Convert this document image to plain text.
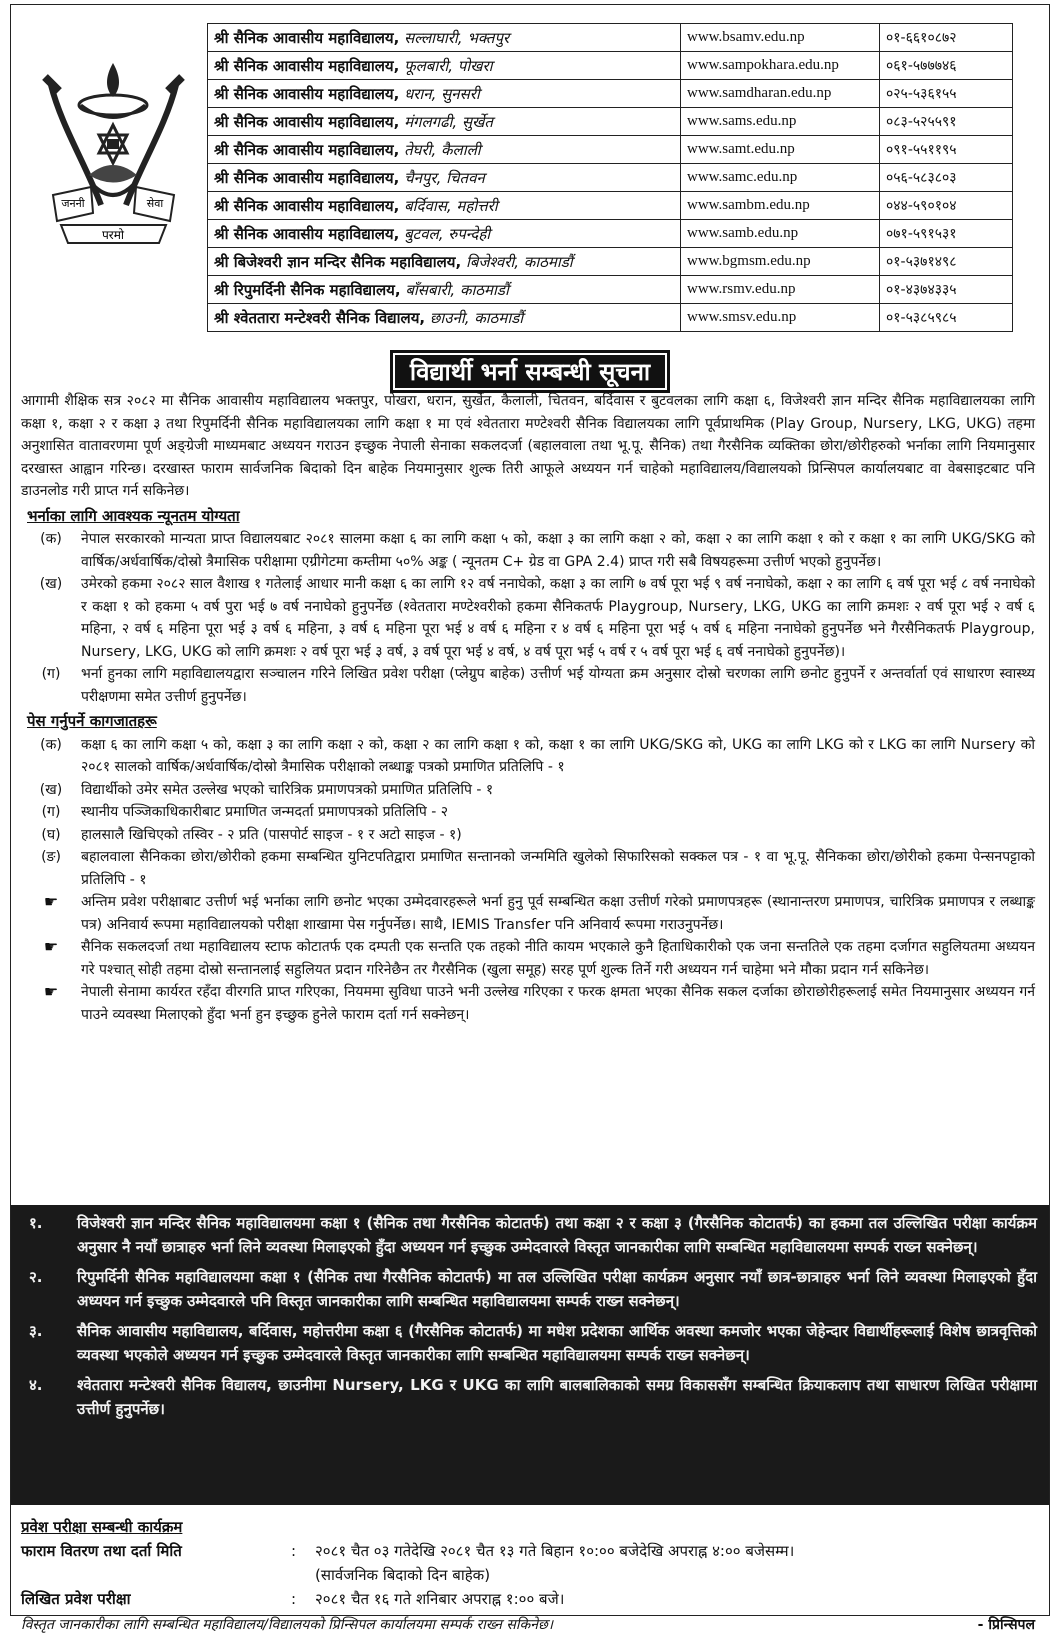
जननी	सेवा
परमो
श्री सैनिक आवासीय महाविद्यालय, सल्लाघारी, भक्तपुर	www.bsamv.edu.np	०१-६६१०८७२
श्री सैनिक आवासीय महाविद्यालय, फूलबारी, पोखरा	www.sampokhara.edu.np	०६१-५७७७४६
श्री सैनिक आवासीय महाविद्यालय, धरान, सुनसरी	www.samdharan.edu.np	०२५-५३६१५५
श्री सैनिक आवासीय महाविद्यालय, मंगलगढी, सुर्खेत	www.sams.edu.np	०८३-५२५५९१
श्री सैनिक आवासीय महाविद्यालय, तेघरी, कैलाली	www.samt.edu.np	०९१-५५११९५
श्री सैनिक आवासीय महाविद्यालय, चैनपुर, चितवन	www.samc.edu.np	०५६-५८३८०३
श्री सैनिक आवासीय महाविद्यालय, बर्दिवास, महोत्तरी	www.sambm.edu.np	०४४-५९०१०४
श्री सैनिक आवासीय महाविद्यालय, बुटवल, रुपन्देही	www.samb.edu.np	०७१-५९१५३१
श्री बिजेश्वरी ज्ञान मन्दिर सैनिक महाविद्यालय, बिजेश्वरी, काठमाडौं	www.bgmsm.edu.np	०१-५३७१४९८
श्री रिपुमर्दिनी सैनिक महाविद्यालय, बाँसबारी, काठमाडौं	www.rsmv.edu.np	०१-४३७४३३५
श्री श्वेततारा मन्टेश्वरी सैनिक विद्यालय, छाउनी, काठमाडौं	www.smsv.edu.np	०१-५३८५९८५
विद्यार्थी भर्ना सम्बन्धी सूचना

आगामी शैक्षिक सत्र २०८२ मा सैनिक आवासीय महाविद्यालय भक्तपुर, पोखरा, धरान, सुर्खेत, कैलाली, चितवन, बर्दिवास र बुटवलका लागि कक्षा ६, विजेश्वरी ज्ञान मन्दिर सैनिक महाविद्यालयका लागि कक्षा १, कक्षा २ र कक्षा ३ तथा रिपुमर्दिनी सैनिक महाविद्यालयका लागि कक्षा १ मा एवं श्वेततारा मण्टेश्वरी सैनिक विद्यालयका लागि पूर्वप्राथमिक (Play Group, Nursery, LKG, UKG) तहमा अनुशासित वातावरणमा पूर्ण अङ्ग्रेजी माध्यमबाट अध्ययन गराउन इच्छुक नेपाली सेनाका सकलदर्जा (बहालवाला तथा भू.पू. सैनिक) तथा गैरसैनिक व्यक्तिका छोरा/छोरीहरुको भर्नाका लागि नियमानुसार दरखास्त आह्वान गरिन्छ। दरखास्त फाराम सार्वजनिक बिदाको दिन बाहेक नियमानुसार शुल्क तिरी आफूले अध्ययन गर्न चाहेको महाविद्यालय/विद्यालयको प्रिन्सिपल कार्यालयबाट वा वेबसाइटबाट पनि डाउनलोड गरी प्राप्त गर्न सकिनेछ।

भर्नाका लागि आवश्यक न्यूनतम योग्यता
(क)	नेपाल सरकारको मान्यता प्राप्त विद्यालयबाट २०८१ सालमा कक्षा ६ का लागि कक्षा ५ को, कक्षा ३ का लागि कक्षा २ को, कक्षा २ का लागि कक्षा १ को र कक्षा १ का लागि UKG/SKG को वार्षिक/अर्धवार्षिक/दोस्रो त्रैमासिक परीक्षामा एग्रीगेटमा कम्तीमा ५०% अङ्क ( न्यूनतम C+ ग्रेड वा GPA 2.4) प्राप्त गरी सबै विषयहरूमा उत्तीर्ण भएको हुनुपर्नेछ।
(ख)	उमेरको हकमा २०८२ साल वैशाख १ गतेलाई आधार मानी कक्षा ६ का लागि १२ वर्ष ननाघेको, कक्षा ३ का लागि ७ वर्ष पूरा भई ९ वर्ष ननाघेको, कक्षा २ का लागि ६ वर्ष पूरा भई ८ वर्ष ननाघेको र कक्षा १ को हकमा ५ वर्ष पुरा भई ७ वर्ष ननाघेको हुनुपर्नेछ (श्वेततारा मण्टेश्वरीको हकमा सैनिकतर्फ Playgroup, Nursery, LKG, UKG का लागि क्रमशः २ वर्ष पूरा भई २ वर्ष ६ महिना, २ वर्ष ६ महिना पूरा भई ३ वर्ष ६ महिना, ३ वर्ष ६ महिना पूरा भई ४ वर्ष ६ महिना र ४ वर्ष ६ महिना पूरा भई ५ वर्ष ६ महिना ननाघेको हुनुपर्नेछ भने गैरसैनिकतर्फ Playgroup, Nursery, LKG, UKG को लागि क्रमशः २ वर्ष पूरा भई ३ वर्ष, ३ वर्ष पूरा भई ४ वर्ष, ४ वर्ष पूरा भई ५ वर्ष र ५ वर्ष पूरा भई ६ वर्ष ननाघेको हुनुपर्नेछ)।
(ग)	भर्ना हुनका लागि महाविद्यालयद्वारा सञ्चालन गरिने लिखित प्रवेश परीक्षा (प्लेग्रुप बाहेक) उत्तीर्ण भई योग्यता क्रम अनुसार दोस्रो चरणका लागि छनोट हुनुपर्ने र अन्तर्वार्ता एवं साधारण स्वास्थ्य परीक्षणमा समेत उत्तीर्ण हुनुपर्नेछ।
पेस गर्नुपर्ने कागजातहरू
(क)	कक्षा ६ का लागि कक्षा ५ को, कक्षा ३ का लागि कक्षा २ को, कक्षा २ का लागि कक्षा १ को, कक्षा १ का लागि UKG/SKG को, UKG का लागि LKG को र LKG का लागि Nursery को २०८१ सालको वार्षिक/अर्धवार्षिक/दोस्रो त्रैमासिक परीक्षाको लब्धाङ्क पत्रको प्रमाणित प्रतिलिपि - १
(ख)	विद्यार्थीको उमेर समेत उल्लेख भएको चारित्रिक प्रमाणपत्रको प्रमाणित प्रतिलिपि - १
(ग)	स्थानीय पञ्जिकाधिकारीबाट प्रमाणित जन्मदर्ता प्रमाणपत्रको प्रतिलिपि - २
(घ)	हालसालै खिचिएको तस्विर - २ प्रति (पासपोर्ट साइज - १ र अटो साइज - १)
(ङ)	बहालवाला सैनिकका छोरा/छोरीको हकमा सम्बन्धित युनिटपतिद्वारा प्रमाणित सन्तानको जन्ममिति खुलेको सिफारिसको सक्कल पत्र - १ वा भू.पू. सैनिकका छोरा/छोरीको हकमा पेन्सनपट्टाको प्रतिलिपि - १
☛	अन्तिम प्रवेश परीक्षाबाट उत्तीर्ण भई भर्नाका लागि छनोट भएका उम्मेदवारहरूले भर्ना हुनु पूर्व सम्बन्धित कक्षा उत्तीर्ण गरेको प्रमाणपत्रहरू (स्थानान्तरण प्रमाणपत्र, चारित्रिक प्रमाणपत्र र लब्धाङ्क पत्र) अनिवार्य रूपमा महाविद्यालयको परीक्षा शाखामा पेस गर्नुपर्नेछ। साथै, IEMIS Transfer पनि अनिवार्य रूपमा गराउनुपर्नेछ।
☛	सैनिक सकलदर्जा तथा महाविद्यालय स्टाफ कोटातर्फ एक दम्पती एक सन्तति एक तहको नीति कायम भएकाले कुनै हिताधिकारीको एक जना सन्ततिले एक तहमा दर्जागत सहुलियतमा अध्ययन गरे पश्चात् सोही तहमा दोस्रो सन्तानलाई सहुलियत प्रदान गरिनेछैन तर गैरसैनिक (खुला समूह) सरह पूर्ण शुल्क तिर्ने गरी अध्ययन गर्न चाहेमा भने मौका प्रदान गर्न सकिनेछ।
☛	नेपाली सेनामा कार्यरत रहँदा वीरगति प्राप्त गरिएका, नियममा सुविधा पाउने भनी उल्लेख गरिएका र फरक क्षमता भएका सैनिक सकल दर्जाका छोराछोरीहरूलाई समेत नियमानुसार अध्ययन गर्न पाउने व्यवस्था मिलाएको हुँदा भर्ना हुन इच्छुक हुनेले फाराम दर्ता गर्न सक्नेछन्।
१.	विजेश्वरी ज्ञान मन्दिर सैनिक महाविद्यालयमा कक्षा १ (सैनिक तथा गैरसैनिक कोटातर्फ) तथा कक्षा २ र कक्षा ३ (गैरसैनिक कोटातर्फ) का हकमा तल उल्लिखित परीक्षा कार्यक्रम अनुसार नै नयाँ छात्राहरु भर्ना लिने व्यवस्था मिलाइएको हुँदा अध्ययन गर्न इच्छुक उम्मेदवारले विस्तृत जानकारीका लागि सम्बन्धित महाविद्यालयमा सम्पर्क राख्न सक्नेछन्।
२.	रिपुमर्दिनी सैनिक महाविद्यालयमा कक्षा १ (सैनिक तथा गैरसैनिक कोटातर्फ) मा तल उल्लिखित परीक्षा कार्यक्रम अनुसार नयाँ छात्र-छात्राहरु भर्ना लिने व्यवस्था मिलाइएको हुँदा अध्ययन गर्न इच्छुक उम्मेदवारले पनि विस्तृत जानकारीका लागि सम्बन्धित महाविद्यालयमा सम्पर्क राख्न सक्नेछन्।
३.	सैनिक आवासीय महाविद्यालय, बर्दिवास, महोत्तरीमा कक्षा ६ (गैरसैनिक कोटातर्फ) मा मधेश प्रदेशका आर्थिक अवस्था कमजोर भएका जेहेन्दार विद्यार्थीहरूलाई विशेष छात्रवृत्तिको व्यवस्था भएकोले अध्ययन गर्न इच्छुक उम्मेदवारले विस्तृत जानकारीका लागि सम्बन्धित महाविद्यालयमा सम्पर्क राख्न सक्नेछन्।
४.	श्वेततारा मन्टेश्वरी सैनिक विद्यालय, छाउनीमा Nursery, LKG र UKG का लागि बालबालिकाको समग्र विकाससँग सम्बन्धित क्रियाकलाप तथा साधारण लिखित परीक्षामा उत्तीर्ण हुनुपर्नेछ।
प्रवेश परीक्षा सम्बन्धी कार्यक्रम
फाराम वितरण तथा दर्ता मिति	:	२०८१ चैत ०३ गतेदेखि २०८१ चैत १३ गते बिहान १०:०० बजेदेखि अपराह्न ४:०० बजेसम्म।
(सार्वजनिक बिदाको दिन बाहेक)
लिखित प्रवेश परीक्षा	:	२०८१ चैत १६ गते शनिबार अपराह्न १:०० बजे।
विस्तृत जानकारीका लागि सम्बन्धित महाविद्यालय/विद्यालयको प्रिन्सिपल कार्यालयमा सम्पर्क राख्न सकिनेछ।	- प्रिन्सिपल
